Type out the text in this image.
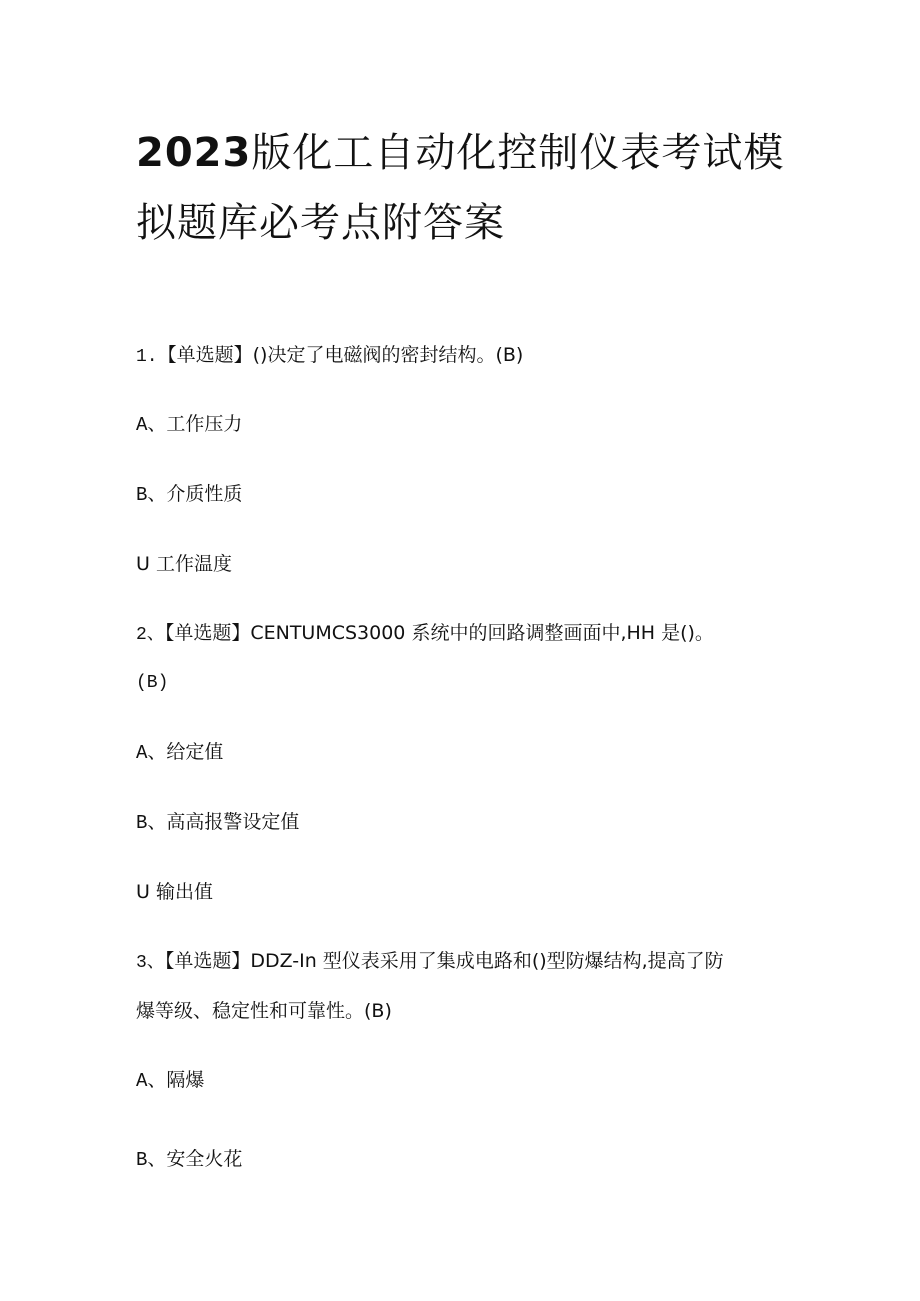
2023版化工自动化控制仪表考试模
拟题库必考点附答案
1.【单选题】()决定了电磁阀的密封结构。(B)
A、工作压力
B、介质性质
U 工作温度
2、【单选题】CENTUMCS3000 系统中的回路调整画面中,HH 是()。
(B)
A、给定值
B、高高报警设定值
U 输出值
3、【单选题】DDZ-In 型仪表采用了集成电路和()型防爆结构,提高了防
爆等级、稳定性和可靠性。(B)
A、隔爆
B、安全火花
